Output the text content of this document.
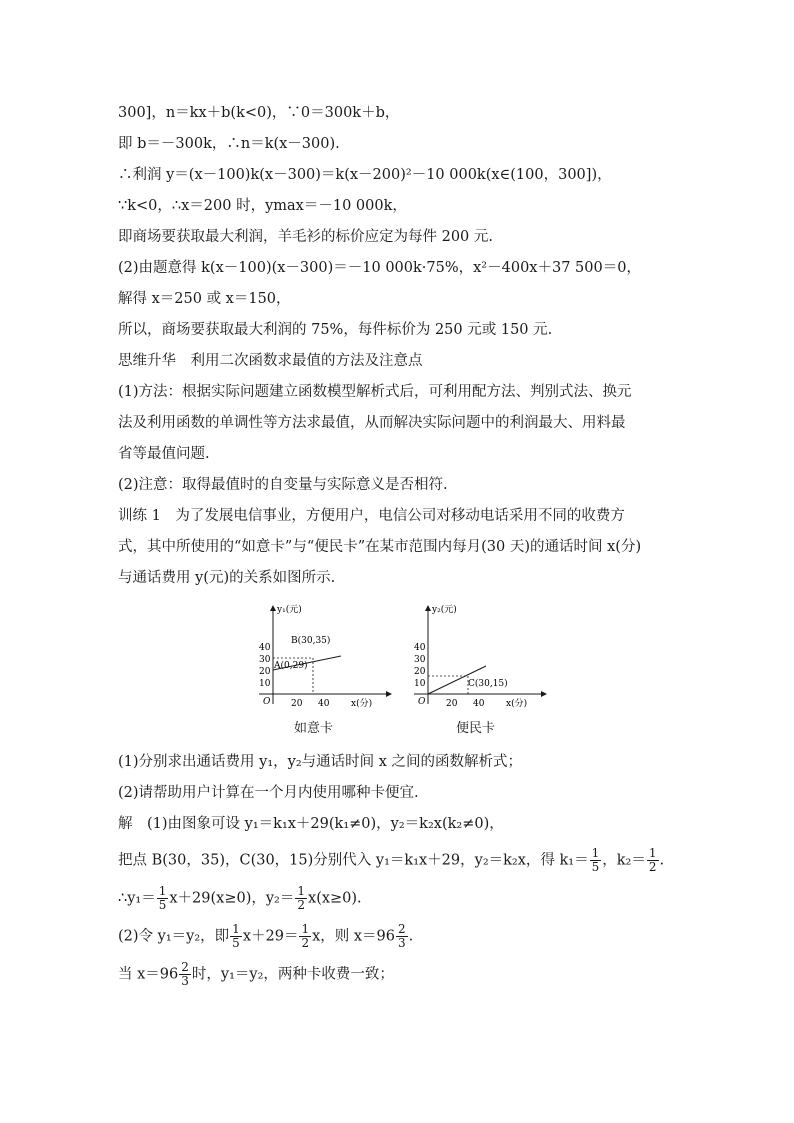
300]，n＝kx＋b(k<0)，∵0＝300k＋b，
即 b＝－300k，∴n＝k(x－300).
∴利润 y＝(x－100)k(x－300)＝k(x－200)²－10 000k(x∈(100，300])，
∵k<0，∴x＝200 时，ymax＝－10 000k，
即商场要获取最大利润，羊毛衫的标价应定为每件 200 元.
(2)由题意得 k(x－100)(x－300)＝－10 000k·75%，x²－400x＋37 500＝0，
解得 x＝250 或 x＝150，
所以，商场要获取最大利润的 75%，每件标价为 250 元或 150 元.
思维升华　利用二次函数求最值的方法及注意点
(1)方法：根据实际问题建立函数模型解析式后，可利用配方法、判别式法、换元
法及利用函数的单调性等方法求最值，从而解决实际问题中的利润最大、用料最
省等最值问题.
(2)注意：取得最值时的自变量与实际意义是否相符.
训练 1　为了发展电信事业，方便用户，电信公司对移动电话采用不同的收费方
式，其中所使用的“如意卡”与“便民卡”在某市范围内每月(30 天)的通话时间 x(分)
与通话费用 y(元)的关系如图所示.
y₁(元)
x(分)
O
10
20
30
40
20 40
B(30,35)
A(0,29)
如意卡
y₂(元)
x(分)
O
10
20
30
40
20 40
C(30,15)
便民卡
(1)分别求出通话费用 y₁，y₂与通话时间 x 之间的函数解析式；
(2)请帮助用户计算在一个月内使用哪种卡便宜.
解　(1)由图象可设 y₁＝k₁x＋29(k₁≠0)，y₂＝k₂x(k₂≠0)，
把点 B(30，35)，C(30，15)分别代入 y₁＝k₁x＋29，y₂＝k₂x，得 $k_1= \frac{1}{5}$ ，$k_2= \frac{1}{2}$ .
∴y₁＝ $\frac{1}{5} x+29(x\ge 0)$，$y_2= \frac{1}{2} x(x\ge 0)$.
(2)令 y₁＝y₂，即 $\frac{1}{5} x+29= \frac{1}{2}$ x，则 $x=96 \frac{2}{3}$ .
当 $x=96 \frac{2}{3}$ 时，y₁＝y₂，两种卡收费一致；
